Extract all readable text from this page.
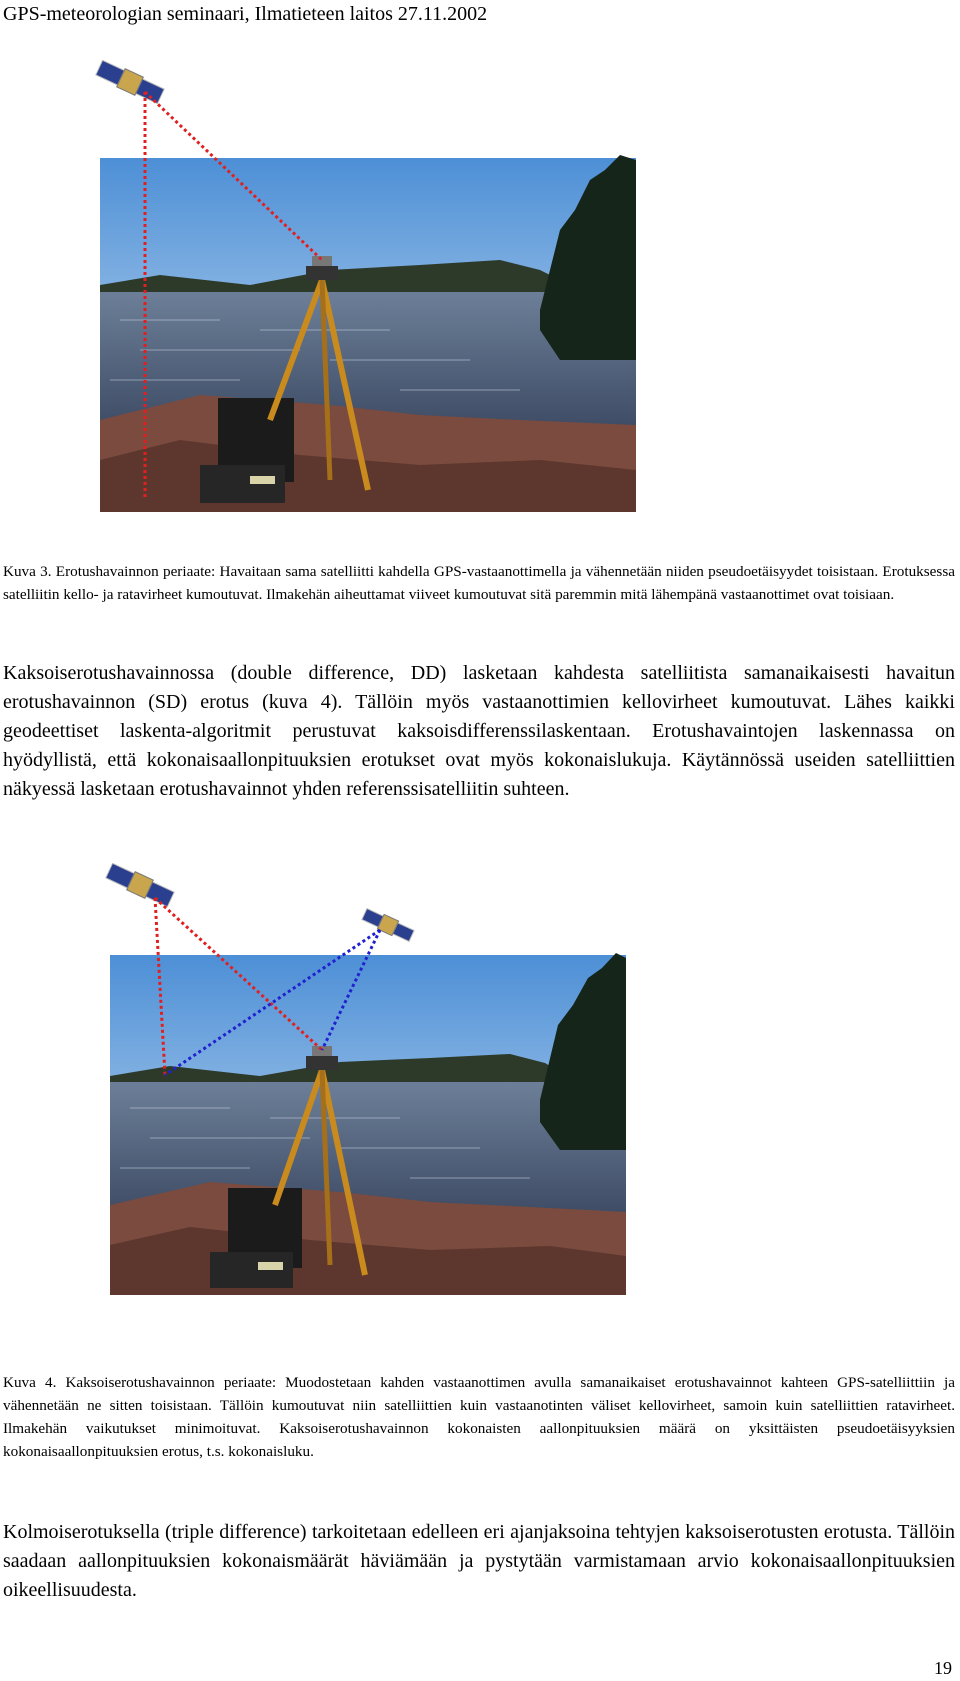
GPS-meteorologian seminaari, Ilmatieteen laitos 27.11.2002
Kuva 3. Erotushavainnon periaate: Havaitaan sama satelliitti kahdella GPS-vastaanottimella ja vähennetään niiden pseudoetäisyydet toisistaan. Erotuksessa satelliitin kello- ja ratavirheet kumoutuvat. Ilmakehän aiheuttamat viiveet kumoutuvat sitä paremmin mitä lähempänä vastaanottimet ovat toisiaan.
Kaksoiserotushavainnossa (double difference, DD) lasketaan kahdesta satelliitista samanaikaisesti havaitun erotushavainnon (SD) erotus (kuva 4). Tällöin myös vastaanottimien kellovirheet kumoutuvat. Lähes kaikki geodeettiset laskenta-algoritmit perustuvat kaksoisdifferenssilaskentaan. Erotushavaintojen laskennassa on hyödyllistä, että kokonaisaallonpituuksien erotukset ovat myös kokonaislukuja. Käytännössä useiden satelliittien näkyessä lasketaan erotushavainnot yhden referenssisatelliitin suhteen.
Kuva 4. Kaksoiserotushavainnon periaate: Muodostetaan kahden vastaanottimen avulla samanaikaiset erotushavainnot kahteen GPS-satelliittiin ja vähennetään ne sitten toisistaan. Tällöin kumoutuvat niin satelliittien kuin vastaanotinten väliset kellovirheet, samoin kuin satelliittien ratavirheet. Ilmakehän vaikutukset minimoituvat. Kaksoiserotushavainnon kokonaisten aallonpituuksien määrä on yksittäisten pseudoetäisyyksien kokonaisaallonpituuksien erotus, t.s. kokonaisluku.
Kolmoiserotuksella (triple difference) tarkoitetaan edelleen eri ajanjaksoina tehtyjen kaksoiserotusten erotusta. Tällöin saadaan aallonpituuksien kokonaismäärät häviämään ja pystytään varmistamaan arvio kokonaisaallonpituuksien oikeellisuudesta.
19
